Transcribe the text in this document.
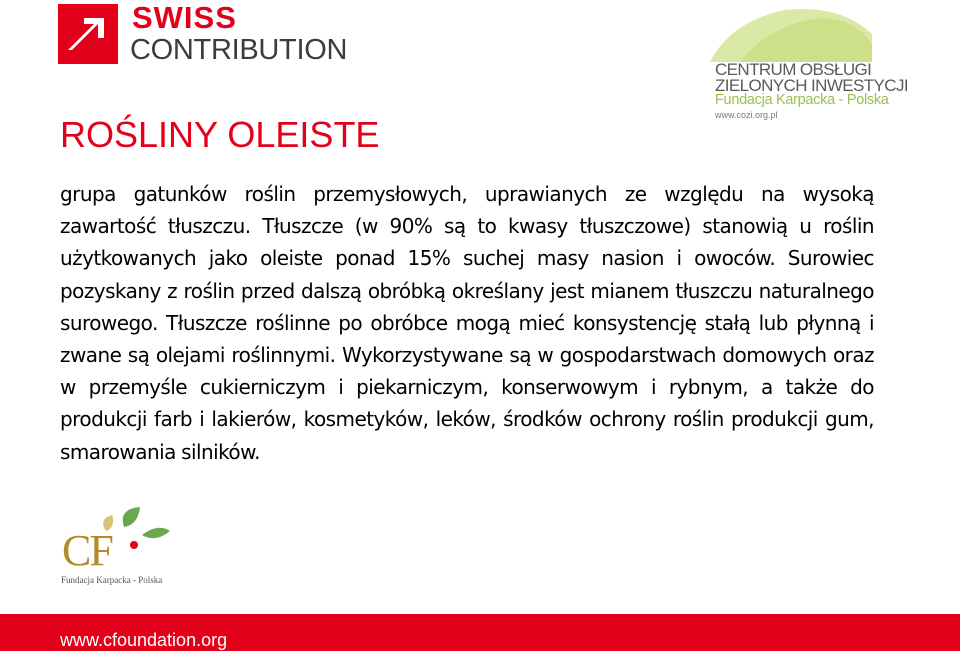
SWISS
CONTRIBUTION
CENTRUM OBSŁUGI
ZIELONYCH INWESTYCJI
Fundacja Karpacka - Polska
www.cozi.org.pl
ROŚLINY OLEISTE

grupa gatunków roślin przemysłowych, uprawianych ze względu na wysoką zawartość tłuszczu. Tłuszcze (w 90% są to kwasy tłuszczowe) stanowią u roślin użytkowanych jako oleiste ponad 15% suchej masy nasion i owoców. Surowiec pozyskany z roślin przed dalszą obróbką określany jest mianem tłuszczu naturalnego surowego. Tłuszcze roślinne po obróbce mogą mieć konsystencję stałą lub płynną i zwane są olejami roślinnymi. Wykorzystywane są w gospodarstwach domowych oraz w przemyśle cukierniczym i piekarniczym, konserwowym i rybnym, a także do produkcji farb i lakierów, kosmetyków, leków, środków ochrony roślin produkcji gum, smarowania silników.

CF
Fundacja Karpacka - Polska
www.cfoundation.org
